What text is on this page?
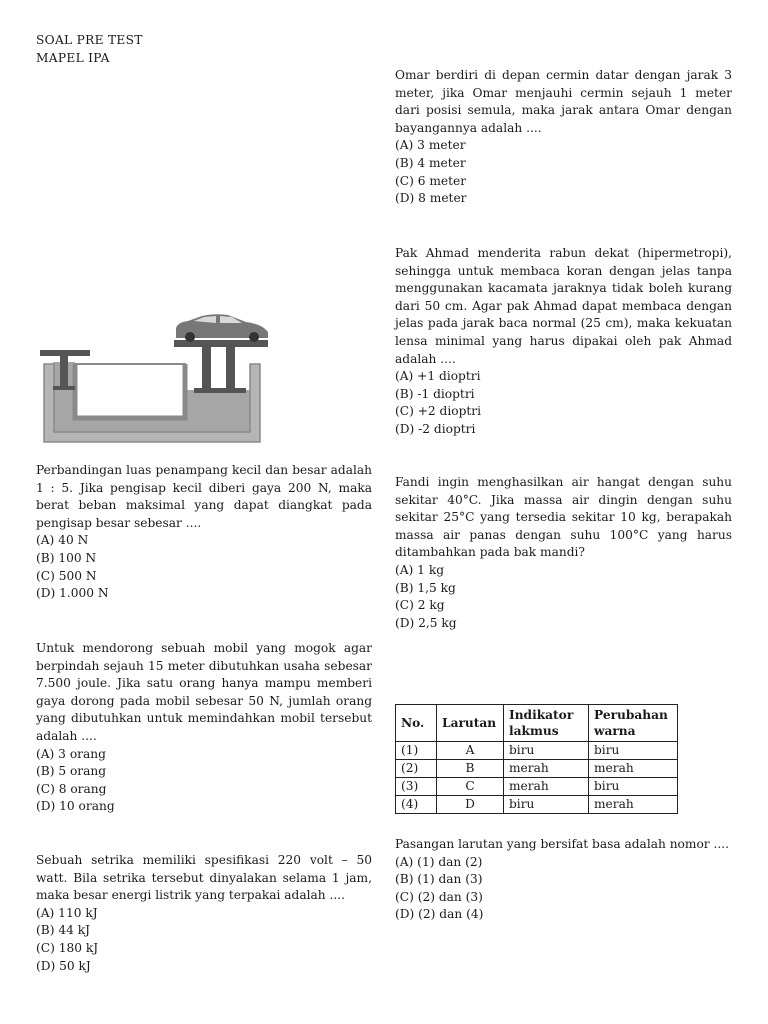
SOAL PRE TEST
MAPEL IPA

Omar berdiri di depan cermin datar dengan jarak 3 meter, jika Omar menjauhi cermin sejauh 1 meter dari posisi semula, maka jarak antara Omar dengan bayangannya adalah ....

(A) 3 meter
(B) 4 meter
(C) 6 meter
(D) 8 meter

Pak Ahmad menderita rabun dekat (hipermetropi), sehingga untuk membaca koran dengan jelas tanpa menggunakan kacamata jaraknya tidak boleh kurang dari 50 cm. Agar pak Ahmad dapat membaca dengan jelas pada jarak baca normal (25 cm), maka kekuatan lensa minimal yang harus dipakai oleh pak Ahmad adalah ....

(A) +1 dioptri
(B) -1 dioptri
(C) +2 dioptri
(D) -2 dioptri

Perbandingan luas penampang kecil dan besar adalah 1 : 5. Jika pengisap kecil diberi gaya 200 N, maka berat beban maksimal yang dapat diangkat pada pengisap besar sebesar ....

(A) 40 N
(B) 100 N
(C) 500 N
(D) 1.000 N

Fandi ingin menghasilkan air hangat dengan suhu sekitar 40°C. Jika massa air dingin dengan suhu sekitar 25°C yang tersedia sekitar 10 kg, berapakah massa air panas dengan suhu 100°C yang harus ditambahkan pada bak mandi?

(A) 1 kg
(B) 1,5 kg
(C) 2 kg
(D) 2,5 kg

Untuk mendorong sebuah mobil yang mogok agar berpindah sejauh 15 meter dibutuhkan usaha sebesar 7.500 joule. Jika satu orang hanya mampu memberi gaya dorong pada mobil sebesar 50 N, jumlah orang yang dibutuhkan untuk memindahkan mobil tersebut adalah ....

(A) 3 orang
(B) 5 orang
(C) 8 orang
(D) 10 orang
No.	Larutan	Indikator lakmus	Perubahan warna
(1)	A	biru	biru
(2)	B	merah	merah
(3)	C	merah	biru
(4)	D	biru	merah

Pasangan larutan yang bersifat basa adalah nomor ....

(A) (1) dan (2)
(B) (1) dan (3)
(C) (2) dan (3)
(D) (2) dan (4)

Sebuah setrika memiliki spesifikasi 220 volt – 50 watt. Bila setrika tersebut dinyalakan selama 1 jam, maka besar energi listrik yang terpakai adalah ....

(A) 110 kJ
(B) 44 kJ
(C) 180 kJ
(D) 50 kJ
